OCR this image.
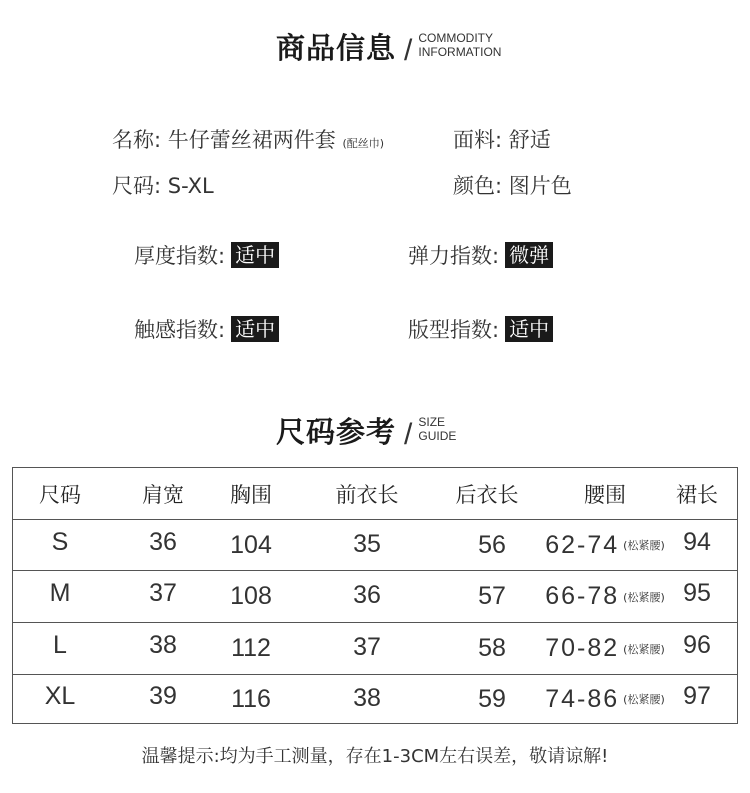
商品信息 / COMMODITY
INFORMATION
名称: 牛仔蕾丝裙两件套 (配丝巾)	面料: 舒适
尺码: S-XL	颜色: 图片色
厚度指数: 适中	弹力指数: 微弹
触感指数: 适中	版型指数: 适中
尺码参考 / SIZE
GUIDE
尺码	肩宽	胸围	前衣长	后衣长	腰围	裙长
S	36	104	35	56	62-74 (松紧腰) 94
M	37	108	36	57	66-78 (松紧腰) 95
L	38	112	37	58	70-82 (松紧腰) 96
XL	39	116	38	59	74-86 (松紧腰) 97
温馨提示:均为手工测量，存在1-3CM左右误差，敬请谅解!
